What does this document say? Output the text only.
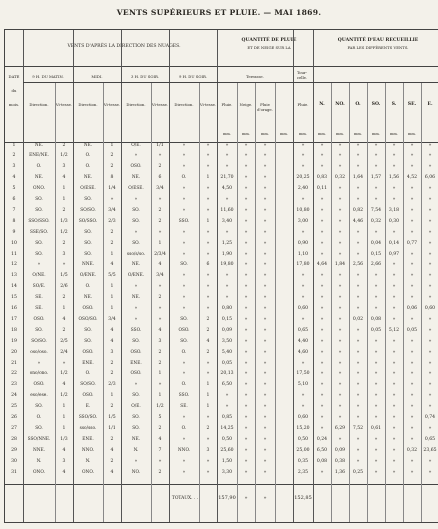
VENTS SUPÉRIEURS ET PLUIE. — MAI 1869.
VENTS D'APRÈS LA DIRECTION DES NUAGES.
QUANTITÉ DE PLUIE
ET DE NEIGE SUR LA
QUANTITÉ D'EAU RECUEILLIE
PAR LES DIFFÉRENTS VENTS.
DATE
du
mois.
9 H. DU MATIN.	MIDI.	3 H. DU SOIR.	9 H. DU SOIR.	Terrasse.
Tour-celle.
Direction.	Vi-tesse.	Direction.	Vi-tesse.	Direction.	Vi-tesse.	Direction.	Vi-tesse.	Pluie.	Neige.	Pluie d'orage.
Pluie.	N.	NO.	O.	SO.	S.	SE.	E.
mm.	mm.	mm.	mm.	mm.	mm.	mm.	mm.	mm.	mm.	mm.
1	NE.	2	NE.	1	O/E.	1/1	»	»	»	»	»	»	»	»	»	»	»	»	»
2	ENE/NE.	1/2	O.	2	»	»	»	»	»	»	»	»	»	»	»	»	»	»	»
3	O.	3	O.	2	OSO.	2	»	»	»	»	»	»	»	»	»	»	»	»	»
4	NE.	4	NE.	8	NE.	6	O.	1	21,70	»	»	20,25	0,83	0,32	1,64	1,57	1,56	4,52	6,06
5	ONO.	1	O/ESE.	1/4	O/ESE.	3/4	»	»	4,50	»	»	2,40	0,11	»	»	»	»	»	»
6	SO.	1	SO.	»	»	»	»	»	»	»	»	»	»	»	»	»	»	»	»
7	SO.	2	SO/SO.	3/4	SO.	2	»	»	11,60	»	»	10,80	»	»	0,82	7,54	3,18	»	»
8	SSO/SSO.	1/3	SO/SSO.	2/3	SO.	2	SSO.	1	3,40	»	»	3,00	»	»	4,46	0,32	0,30	»	»
9	SSE/SO.	1/2	SO.	2	»	»	»	»	»	»	»	»	»	»	»	»	»	»	»
10	SO.	2	SO.	2	SO.	1	»	»	1,25	»	»	0,90	»	»	»	0,04	0,14	0,77	»
11	SO.	3	SO.	1	sso/s/so.	2/3/4	»	»	1,90	»	»	1,10	»	»	»	0,15	0,97	»	»
12	»	»	NNE.	4	NE.	4	SO.	6	19,80	»	»	17,80	4,64	1,84	2,56	2,66	»	»	»
13	O/NE.	1/5	O/ENE.	5/5	O/ENE.	3/4	»	»	»	»	»	»	»	»	»	»	»	»	»
14	SO/E.	2/6	O.	1	»	»	»	»	»	»	»	»	»	»	»	»	»	»	»
15	SE.	2	NE.	1	NE.	2	»	»	»	»	»	»	»	»	»	»	»	»	»
16	SE.	1	OSO.	1	»	»	»	»	0,80	»	»	0,60	»	»	»	»	»	0,06	0,60
17	OSO.	4	OSO/SO.	3/4	»	»	SO.	2	0,15	»	»	»	»	»	0,02	0,08	»	»	»
18	SO.	2	SO.	4	SSO.	4	OSO.	2	0,09	»	»	0,65	»	»	»	0,05	5,12	0,05	»
19	SO/SO.	2/5	SO.	4	SO.	3	SO.	4	3,50	»	»	4,40	»	»	»	»	»	»	»
20	oso/oso.	2/4	OSO.	3	OSO.	2	O.	2	5,40	»	»	4,60	»	»	»	»	»	»	»
21	»	»	ENE.	2	ENE.	2	»	»	0,05	»	»	»	»	»	»	»	»	»	»
22	ono/ono.	1/2	O.	2	OSO.	1	»	»	20,13	»	»	17,50	»	»	»	»	»	»	»
23	OSO.	4	SO/SO.	2/3	»	»	O.	1	6,50	»	»	5,10	»	»	»	»	»	»	»
24	eso/ese.	1/2	OSO.	1	SO.	1	SSO.	1	»	»	»	»	»	»	»	»	»	»	»
25	SO.	1	E.	2	O/E.	1/2	SE.	1	»	»	»	»	»	»	»	»	»	»	»
26	O.	1	SSO/SO.	1/5	SO.	5	»	»	0,85	»	»	0,60	»	»	»	»	»	»	0,74
27	SO.	1	sso/sso.	1/1	SO.	2	O.	2	14,25	»	»	15,20	»	6,29	7,52	0,61	»	»	»
28	SSO/NNE.	1/3	ENE.	2	NE.	4	»	»	0,50	»	»	0,50	0,24	»	»	»	»	»	0,65
29	NNE.	4	NNO.	4	N.	7	NNO.	3	25,60	»	»	25,00	6,50	0,09	»	»	»	0,32	23,65
30	N.	3	N.	2	»	»	»	»	1,50	»	»	0,35	0,08	0,38	»	»	»	»	»
31	ONO.	4	ONO.	4	NO.	2	»	»	3,30	»	»	2,35	»	1,36	0,25	»	»	»	»
TOTAUX. . .	157,90	»	»	152,85
